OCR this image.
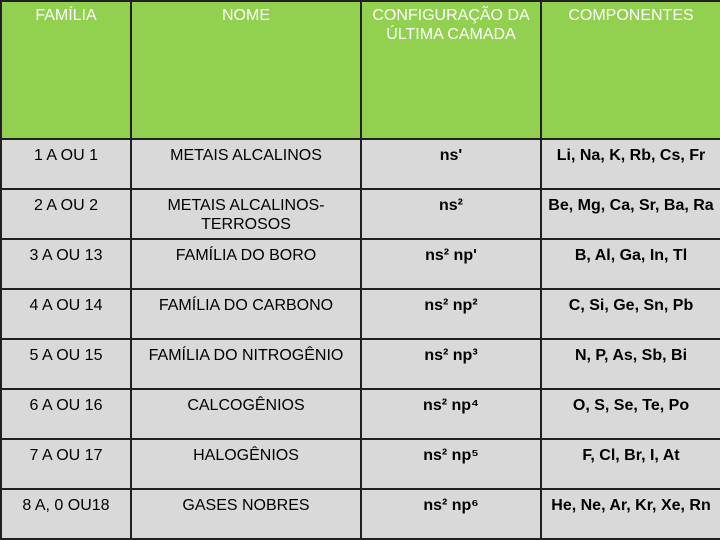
FAMÍLIA	NOME	CONFIGURAÇÃO DA ÚLTIMA CAMADA	COMPONENTES
1 A OU 1	METAIS ALCALINOS	ns'	Li, Na, K, Rb, Cs, Fr
2 A OU 2	METAIS ALCALINOS-TERROSOS	ns²	Be, Mg, Ca, Sr, Ba, Ra
3 A OU 13	FAMÍLIA DO BORO	ns² np'	B, Al, Ga, In, Tl
4 A OU 14	FAMÍLIA DO CARBONO	ns² np²	C, Si, Ge, Sn, Pb
5 A OU 15	FAMÍLIA DO NITROGÊNIO	ns² np³	N, P, As, Sb, Bi
6 A OU 16	CALCOGÊNIOS	ns² np⁴	O, S, Se, Te, Po
7 A OU 17	HALOGÊNIOS	ns² np⁵	F, Cl, Br, I, At
8 A, 0 OU18	GASES NOBRES	ns² np⁶	He, Ne, Ar, Kr, Xe, Rn
